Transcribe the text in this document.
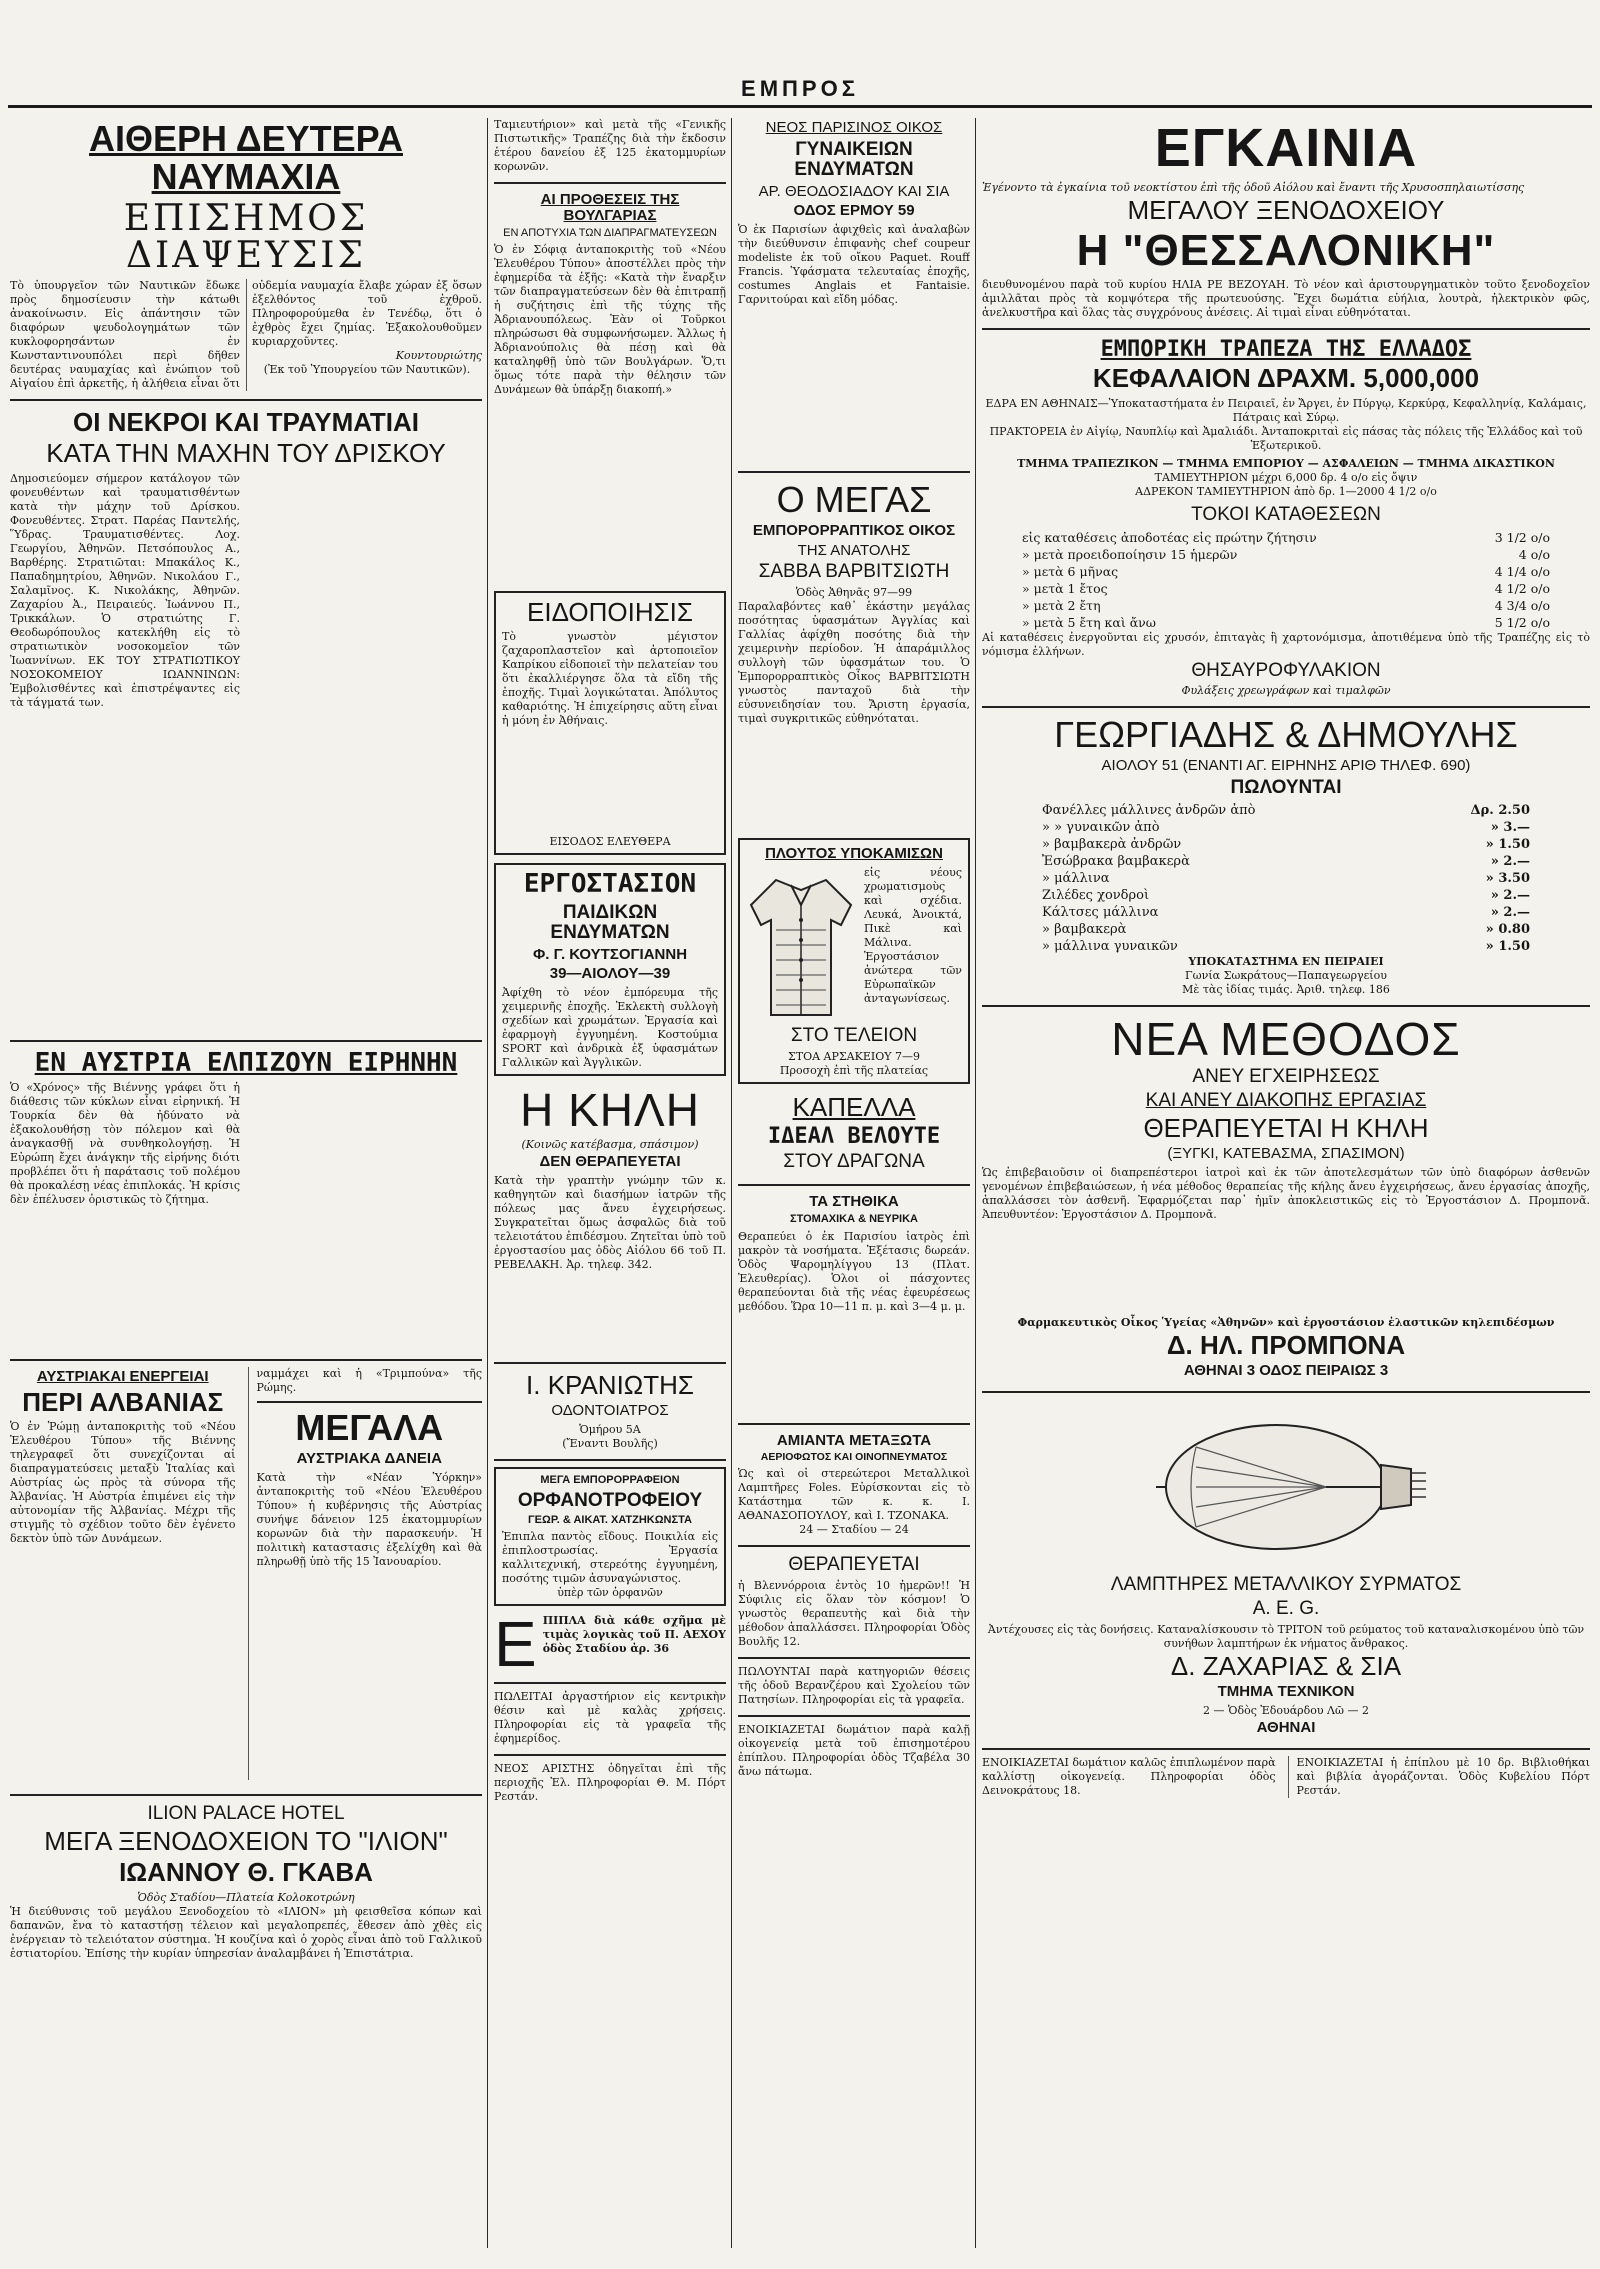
ΕΜΠΡΟΣ
ΑΙΘΕΡΗ ΔΕΥΤΕΡΑ ΝΑΥΜΑΧΙΑ
ΕΠΙΣΗΜΟΣ ΔΙΑΨΕΥΣΙΣ
Τὸ ὑπουργεῖον τῶν Ναυτικῶν ἔδωκε πρὸς δημοσίευσιν τὴν κάτωθι ἀνακοίνωσιν. Εἰς ἀπάντησιν τῶν διαφόρων ψευδολογημάτων τῶν κυκλοφορησάντων ἐν Κωνσταντινουπόλει περὶ δῆθεν δευτέρας ναυμαχίας καὶ ἐνώπιον τοῦ Αἰγαίου ἐπὶ ἀρκετῆς, ἡ ἀλήθεια εἶναι ὅτι οὐδεμία ναυμαχία ἔλαβε χώραν ἐξ ὅσων ἐξελθόντος τοῦ ἐχθροῦ. Πληροφορούμεθα ἐν Τενέδῳ, ὅτι ὁ ἐχθρὸς ἔχει ζημίας. Ἐξακολουθοῦμεν κυριαρχοῦντες.
Κουντουριώτης
(Ἐκ τοῦ Ὑπουργείου τῶν Ναυτικῶν).
ΟΙ ΝΕΚΡΟΙ ΚΑΙ ΤΡΑΥΜΑΤΙΑΙ
ΚΑΤΑ ΤΗΝ ΜΑΧΗΝ ΤΟΥ ΔΡΙΣΚΟΥ
Δημοσιεύομεν σήμερον κατάλογον τῶν φονευθέντων καὶ τραυματισθέντων κατὰ τὴν μάχην τοῦ Δρίσκου. Φονευθέντες. Στρατ. Παρέας Παντελής, Ὕδρας. Τραυματισθέντες. Λοχ. Γεωργίου, Ἀθηνῶν. Πετσόπουλος Α., Βαρθέρης. Στρατιῶται: Μπακάλος Κ., Παπαδημητρίου, Ἀθηνῶν. Νικολάου Γ., Σαλαμῖνος. Κ. Νικολάκης, Ἀθηνῶν. Ζαχαρίου Ἀ., Πειραιεύς. Ἰωάννου Π., Τρικκάλων. Ὁ στρατιώτης Γ. Θεοδωρόπουλος κατεκλήθη εἰς τὸ στρατιωτικὸν νοσοκομεῖον τῶν Ἰωαννίνων. ΕΚ ΤΟΥ ΣΤΡΑΤΙΩΤΙΚΟΥ ΝΟΣΟΚΟΜΕΙΟΥ ΙΩΑΝΝΙΝΩΝ: Ἐμβολισθέντες καὶ ἐπιστρέψαντες εἰς τὰ τάγματά των.
ΕΝ ΑΥΣΤΡΙΑ ΕΛΠΙΖΟΥΝ ΕΙΡΗΝΗΝ
Ὁ «Χρόνος» τῆς Βιέννης γράφει ὅτι ἡ διάθεσις τῶν κύκλων εἶναι εἰρηνική. Ἡ Τουρκία δὲν θὰ ἠδύνατο νὰ ἐξακολουθήσῃ τὸν πόλεμον καὶ θὰ ἀναγκασθῇ νὰ συνθηκολογήσῃ. Ἡ Εὐρώπη ἔχει ἀνάγκην τῆς εἰρήνης διότι προβλέπει ὅτι ἡ παράτασις τοῦ πολέμου θὰ προκαλέσῃ νέας ἐπιπλοκάς. Ἡ κρίσις δὲν ἐπέλυσεν ὁριστικῶς τὸ ζήτημα.
ΑΥΣΤΡΙΑΚΑΙ ΕΝΕΡΓΕΙΑΙ
ΠΕΡΙ ΑΛΒΑΝΙΑΣ
Ὁ ἐν Ῥώμῃ ἀνταποκριτὴς τοῦ «Νέου Ἐλευθέρου Τύπου» τῆς Βιέννης τηλεγραφεῖ ὅτι συνεχίζονται αἱ διαπραγματεύσεις μεταξὺ Ἰταλίας καὶ Αὐστρίας ὡς πρὸς τὰ σύνορα τῆς Ἀλβανίας. Ἡ Αὐστρία ἐπιμένει εἰς τὴν αὐτονομίαν τῆς Ἀλβανίας. Μέχρι τῆς στιγμῆς τὸ σχέδιον τοῦτο δὲν ἐγένετο δεκτὸν ὑπὸ τῶν Δυνάμεων.
ναμμάχει καὶ ἡ «Τριμπούνα» τῆς Ρώμης.
ΜΕΓΑΛΑ
ΑΥΣΤΡΙΑΚΑ ΔΑΝΕΙΑ
Κατὰ τὴν «Νέαν Ὑόρκην» ἀνταποκριτὴς τοῦ «Νέου Ἐλευθέρου Τύπου» ἡ κυβέρνησις τῆς Αὐστρίας συνήψε δάνειον 125 ἑκατομμυρίων κορωνῶν διὰ τὴν παρασκευήν. Ἡ πολιτικὴ καταστασις ἐξελίχθη καὶ θὰ πληρωθῇ ὑπὸ τῆς 15 Ἰανουαρίου.
ILION PALACE HOTEL
ΜΕΓΑ ΞΕΝΟΔΟΧΕΙΟΝ ΤΟ "ΙΛΙΟΝ"
ΙΩΑΝΝΟΥ Θ. ΓΚΑΒΑ
Ὁδὸς Σταδίου—Πλατεία Κολοκοτρώνη
Ἡ διεύθυνσις τοῦ μεγάλου Ξενοδοχείου τὸ «ΙΛΙΟΝ» μὴ φεισθεῖσα κόπων καὶ δαπανῶν, ἔνα τὸ καταστήσῃ τέλειον καὶ μεγαλοπρεπές, ἔθεσεν ἀπὸ χθὲς εἰς ἐνέργειαν τὸ τελειότατον σύστημα. Ἡ κουζίνα καὶ ὁ χορὸς εἶναι ἀπὸ τοῦ Γαλλικοῦ ἐστιατορίου. Ἐπίσης τὴν κυρίαν ὑπηρεσίαν ἀναλαμβάνει ἡ Ἐπιστάτρια.
Ταμιευτήριον» καὶ μετὰ τῆς «Γενικῆς Πιστωτικῆς» Τραπέζης διὰ τὴν ἔκδοσιν ἑτέρου δανείου ἐξ 125 ἑκατομμυρίων κορωνῶν.
ΑΙ ΠΡΟΘΕΣΕΙΣ ΤΗΣ ΒΟΥΛΓΑΡΙΑΣ
ΕΝ ΑΠΟΤΥΧΙΑ ΤΩΝ ΔΙΑΠΡΑΓΜΑΤΕΥΣΕΩΝ
Ὁ ἐν Σόφιᾳ ἀνταποκριτὴς τοῦ «Νέου Ἐλευθέρου Τύπου» ἀποστέλλει πρὸς τὴν ἐφημερίδα τὰ ἑξῆς: «Κατὰ τὴν ἔναρξιν τῶν διαπραγματεύσεων δὲν θὰ ἐπιτραπῇ ἡ συζήτησις ἐπὶ τῆς τύχης τῆς Ἀδριανουπόλεως. Ἐὰν οἱ Τοῦρκοι πληρώσωσι θὰ συμφωνήσωμεν. Ἄλλως ἡ Ἀδριανούπολις θὰ πέσῃ καὶ θὰ καταληφθῇ ὑπὸ τῶν Βουλγάρων. Ὅ,τι ὅμως τότε παρὰ τὴν θέλησιν τῶν Δυνάμεων θὰ ὑπάρξῃ διακοπή.»
ΕΙΔΟΠΟΙΗΣΙΣ
Τὸ γνωστὸν μέγιστον ζαχαροπλαστεῖον καὶ ἀρτοποιεῖον Καπρίκου εἰδοποιεῖ τὴν πελατείαν του ὅτι ἐκαλλιέργησε ὅλα τὰ εἴδη τῆς ἐποχῆς. Τιμαὶ λογικώταται. Ἀπόλυτος καθαριότης. Ἡ ἐπιχείρησις αὕτη εἶναι ἡ μόνη ἐν Ἀθήναις.
ΕΙΣΟΔΟΣ ΕΛΕΥΘΕΡΑ
ΕΡΓΟΣΤΑΣΙΟΝ
ΠΑΙΔΙΚΩΝ ΕΝΔΥΜΑΤΩΝ
Φ. Γ. ΚΟΥΤΣΟΓΙΑΝΝΗ
39—ΑΙΟΛΟΥ—39
Ἀφίχθη τὸ νέον ἐμπόρευμα τῆς χειμερινῆς ἐποχῆς. Ἐκλεκτὴ συλλογὴ σχεδίων καὶ χρωμάτων. Ἐργασία καὶ ἐφαρμογὴ ἐγγυημένη. Κοστούμια SPORT καὶ ἀνδρικὰ ἐξ ὑφασμάτων Γαλλικῶν καὶ Ἀγγλικῶν.
Η ΚΗΛΗ
(Κοινῶς κατέβασμα, σπάσιμον)
ΔΕΝ ΘΕΡΑΠΕΥΕΤΑΙ
Κατὰ τὴν γραπτὴν γνώμην τῶν κ. καθηγητῶν καὶ διασήμων ἰατρῶν τῆς πόλεως μας ἄνευ ἐγχειρήσεως. Συγκρατεῖται ὅμως ἀσφαλῶς διὰ τοῦ τελειοτάτου ἐπιδέσμου. Ζητεῖται ὑπὸ τοῦ ἐργοστασίου μας ὁδὸς Αἰόλου 66 τοῦ Π. ΡΕΒΕΛΑΚΗ. Ἀρ. τηλεφ. 342.
Ι. ΚΡΑΝΙΩΤΗΣ
ΟΔΟΝΤΟΙΑΤΡΟΣ
Ὁμήρου 5Α
(Ἔναντι Βουλῆς)
ΜΕΓΑ ΕΜΠΟΡΟΡΡΑΦΕΙΟΝ
ΟΡΦΑΝΟΤΡΟΦΕΙΟΥ
ΓΕΩΡ. & ΑΙΚΑΤ. ΧΑΤΖΗΚΩΝΣΤΑ
Ἐπιπλα παντὸς εἴδους. Ποικιλία εἰς ἐπιπλοστρωσίας. Ἐργασία καλλιτεχνική, στερεότης ἐγγυημένη, ποσότης τιμῶν ἀσυναγώνιστος.
ὑπὲρ τῶν ὀρφανῶν
Ε ΠΙΠΛΑ διὰ κάθε σχῆμα μὲ τιμὰς λογικὰς τοῦ Π. ΑΕΧΟΥ ὁδὸς Σταδίου ἀρ. 36
ΠΩΛΕΙΤΑΙ ἀργαστήριον εἰς κεντρικὴν θέσιν καὶ μὲ καλὰς χρήσεις. Πληροφορίαι εἰς τὰ γραφεῖα τῆς ἐφημερίδος.
ΝΕΟΣ ΑΡΙΣΤΗΣ ὁδηγεῖται ἐπὶ τῆς περιοχῆς Ἐλ. Πληροφορίαι Θ. Μ. Πόρτ Ρεστάν.
ΝΕΟΣ ΠΑΡΙΣΙΝΟΣ ΟΙΚΟΣ
ΓΥΝΑΙΚΕΙΩΝ ΕΝΔΥΜΑΤΩΝ
ΑΡ. ΘΕΟΔΟΣΙΑΔΟΥ ΚΑΙ ΣΙΑ
ΟΔΟΣ ΕΡΜΟΥ 59
Ὁ ἐκ Παρισίων ἀφιχθεὶς καὶ ἀναλαβὼν τὴν διεύθυνσιν ἐπιφανὴς chef coupeur modeliste ἐκ τοῦ οἴκου Paquet. Rouff Francis. Ὑφάσματα τελευταίας ἐποχῆς, costumes Anglais et Fantaisie. Γαρνιτούραι καὶ εἴδη μόδας.
Ο ΜΕΓΑΣ
ΕΜΠΟΡΟΡΡΑΠΤΙΚΟΣ ΟΙΚΟΣ
ΤΗΣ ΑΝΑΤΟΛΗΣ
ΣΑΒΒΑ ΒΑΡΒΙΤΣΙΩΤΗ
Ὁδὸς Ἀθηνᾶς 97—99
Παραλαβόντες καθ᾽ ἑκάστην μεγάλας ποσότητας ὑφασμάτων Ἀγγλίας καὶ Γαλλίας ἀφίχθη ποσότης διὰ τὴν χειμερινὴν περίοδον. Ἡ ἀπαράμιλλος συλλογὴ τῶν ὑφασμάτων του. Ὁ Ἐμπορορραπτικὸς Οἶκος ΒΑΡΒΙΤΣΙΩΤΗ γνωστὸς πανταχοῦ διὰ τὴν εὐσυνειδησίαν του. Ἄριστη ἐργασία, τιμαὶ συγκριτικῶς εὐθηνόταται.
ΠΛΟΥΤΟΣ ΥΠΟΚΑΜΙΣΩΝ
εἰς νέους χρωματισμοὺς καὶ σχέδια. Λευκά, Ἀνοικτά, Πικὲ καὶ Μάλινα. Ἐργοστάσιον ἀνώτερα τῶν Εὐρωπαϊκῶν ἀνταγωνίσεως.
ΣΤΟ ΤΕΛΕΙΟΝ
ΣΤΟΑ ΑΡΣΑΚΕΙΟΥ 7—9
Προσοχὴ ἐπὶ τῆς πλατείας
ΚΑΠΕΛΛΑ
ΙΔΕΑΛ ΒΕΛΟΥΤΕ
ΣΤΟΥ ΔΡΑΓΩΝΑ
ΤΑ ΣΤΗΘΙΚΑ
ΣΤΟΜΑΧΙΚΑ & ΝΕΥΡΙΚΑ
Θεραπεύει ὁ ἐκ Παρισίου ἰατρὸς ἐπὶ μακρὸν τὰ νοσήματα. Ἐξέτασις δωρεάν. Ὁδὸς Ψαρομηλίγγου 13 (Πλατ. Ἐλευθερίας). Ὁλοι οἱ πάσχοντες θεραπεύονται διὰ τῆς νέας ἐφευρέσεως μεθόδου. Ὥρα 10—11 π. μ. καὶ 3—4 μ. μ.
ΑΜΙΑΝΤΑ ΜΕΤΑΞΩΤΑ
ΑΕΡΙΟΦΩΤΟΣ ΚΑΙ ΟΙΝΟΠΝΕΥΜΑΤΟΣ
Ὡς καὶ οἱ στερεώτεροι Μεταλλικοὶ Λαμπτῆρες Foles. Εὐρίσκονται εἰς τὸ Κατάστημα τῶν κ. κ. Ι. ΑΘΑΝΑΣΟΠΟΥΛΟΥ, καὶ Ι. ΤΖΟΝΑΚΑ.
24 — Σταδίου — 24
ΘΕΡΑΠΕΥΕΤΑΙ
ἡ Βλεννόρροια ἐντὸς 10 ἡμερῶν!! Ἡ Σύφιλις εἰς ὅλαν τὸν κόσμον! Ὁ γνωστὸς θεραπευτὴς καὶ διὰ τὴν μέθοδον ἀπαλλάσσει. Πληροφορίαι Ὁδὸς Βουλῆς 12.
ΠΩΛΟΥΝΤΑΙ παρὰ κατηγοριῶν θέσεις τῆς ὁδοῦ Βερανζέρου καὶ Σχολείου τῶν Πατησίων. Πληροφορίαι εἰς τὰ γραφεῖα.
ΕΝΟΙΚΙΑΖΕΤΑΙ δωμάτιον παρὰ καλῇ οἰκογενείᾳ μετὰ τοῦ ἐπισημοτέρου ἐπίπλου. Πληροφορίαι ὁδὸς Τζαβέλα 30 ἄνω πάτωμα.
ΕΓΚΑΙΝΙΑ
Ἐγένοντο τὰ ἐγκαίνια τοῦ νεοκτίστου ἐπὶ τῆς ὁδοῦ Αἰόλου καὶ ἔναντι τῆς Χρυσοσπηλαιωτίσσης
ΜΕΓΑΛΟΥ ΞΕΝΟΔΟΧΕΙΟΥ
Η "ΘΕΣΣΑΛΟΝΙΚΗ"
διευθυνομένου παρὰ τοῦ κυρίου ΗΛΙΑ ΡΕ ΒΕΖΟΥΑΗ. Τὸ νέον καὶ ἀριστουργηματικὸν τοῦτο ξενοδοχεῖον ἀμιλλᾶται πρὸς τὰ κομψότερα τῆς πρωτευούσης. Ἔχει δωμάτια εὐήλια, λουτρὰ, ἠλεκτρικὸν φῶς, ἀνελκυστῆρα καὶ ὅλας τὰς συγχρόνους ἀνέσεις. Αἱ τιμαὶ εἶναι εὐθηνόταται.
ΕΜΠΟΡΙΚΗ ΤΡΑΠΕΖΑ ΤΗΣ ΕΛΛΑΔΟΣ
ΚΕΦΑΛΑΙΟΝ ΔΡΑΧΜ. 5,000,000
ΕΔΡΑ ΕΝ ΑΘΗΝΑΙΣ—Ὑποκαταστήματα ἐν Πειραιεῖ, ἐν Ἄργει, ἐν Πύργῳ, Κερκύρᾳ, Κεφαλληνίᾳ, Καλάμαις, Πάτραις καὶ Σύρῳ.
ΠΡΑΚΤΟΡΕΙΑ ἐν Αἰγίῳ, Ναυπλίῳ καὶ Ἀμαλιάδι. Ἀνταποκριταὶ εἰς πάσας τὰς πόλεις τῆς Ἑλλάδος καὶ τοῦ Ἐξωτερικοῦ.
ΤΜΗΜΑ ΤΡΑΠΕΖΙΚΟΝ — ΤΜΗΜΑ ΕΜΠΟΡΙΟΥ — ΑΣΦΑΛΕΙΩΝ — ΤΜΗΜΑ ΔΙΚΑΣΤΙΚΟΝ
ΤΑΜΙΕΥΤΗΡΙΟΝ μέχρι 6,000 δρ. 4 ο/ο εἰς ὄψιν
ΑΔΡΕΚΟΝ ΤΑΜΙΕΥΤΗΡΙΟΝ ἀπὸ δρ. 1—2000 4 1/2 ο/ο
ΤΟΚΟΙ ΚΑΤΑΘΕΣΕΩΝ
εἰς καταθέσεις ἀποδοτέας εἰς πρώτην ζήτησιν	3 1/2 ο/ο
» μετὰ προειδοποίησιν 15 ἡμερῶν	4 ο/ο
» μετὰ 6 μῆνας	4 1/4 ο/ο
» μετὰ 1 ἔτος	4 1/2 ο/ο
» μετὰ 2 ἔτη	4 3/4 ο/ο
» μετὰ 5 ἔτη καὶ ἄνω	5 1/2 ο/ο
Αἱ καταθέσεις ἐνεργοῦνται εἰς χρυσόν, ἐπιταγὰς ἢ χαρτονόμισμα, ἀποτιθέμενα ὑπὸ τῆς Τραπέζης εἰς τὸ νόμισμα ἐλλήνων.
ΘΗΣΑΥΡΟΦΥΛΑΚΙΟΝ
Φυλάξεις χρεωγράφων καὶ τιμαλφῶν
ΓΕΩΡΓΙΑΔΗΣ & ΔΗΜΟΥΛΗΣ
ΑΙΟΛΟΥ 51 (ΕΝΑΝΤΙ ΑΓ. ΕΙΡΗΝΗΣ ΑΡΙΘ ΤΗΛΕΦ. 690)
ΠΩΛΟΥΝΤΑΙ
Φανέλλες μάλλινες ἀνδρῶν ἀπὸ	Δρ. 2.50
» » γυναικῶν ἀπὸ	» 3.—
» βαμβακερὰ ἀνδρῶν	» 1.50
Ἐσώβρακα βαμβακερὰ	» 2.—
» μάλλινα	» 3.50
Ζιλέδες χονδροὶ	» 2.—
Κάλτσες μάλλινα	» 2.—
» βαμβακερὰ	» 0.80
» μάλλινα γυναικῶν	» 1.50
ΥΠΟΚΑΤΑΣΤΗΜΑ ΕΝ ΠΕΙΡΑΙΕΙ
Γωνία Σωκράτους—Παπαγεωργείου
Μὲ τὰς ἰδίας τιμάς. Ἀριθ. τηλεφ. 186
ΝΕΑ ΜΕΘΟΔΟΣ
ΑΝΕΥ ΕΓΧΕΙΡΗΣΕΩΣ
ΚΑΙ ΑΝΕΥ ΔΙΑΚΟΠΗΣ ΕΡΓΑΣΙΑΣ
ΘΕΡΑΠΕΥΕΤΑΙ Η ΚΗΛΗ
(ΞΥΓΚΙ, ΚΑΤΕΒΑΣΜΑ, ΣΠΑΣΙΜΟΝ)
Ὡς ἐπιβεβαιοῦσιν οἱ διαπρεπέστεροι ἰατροὶ καὶ ἐκ τῶν ἀποτελεσμάτων τῶν ὑπὸ διαφόρων ἀσθενῶν γενομένων ἐπιβεβαιώσεων, ἡ νέα μέθοδος θεραπείας τῆς κήλης ἄνευ ἐγχειρήσεως, ἄνευ ἐργασίας ἀποχῆς, ἀπαλλάσσει τὸν ἀσθενῆ. Ἐφαρμόζεται παρ᾽ ἡμῖν ἀποκλειστικῶς εἰς τὸ Ἐργοστάσιον Δ. Προμπονᾶ. Ἀπευθυντέον: Ἐργοστάσιον Δ. Προμπονᾶ.
Φαρμακευτικὸς Οἶκος Ὑγείας «Ἀθηνῶν» καὶ ἐργοστάσιον ἐλαστικῶν κηλεπιδέσμων
Δ. ΗΛ. ΠΡΟΜΠΟΝΑ
ΑΘΗΝΑΙ 3 ΟΔΟΣ ΠΕΙΡΑΙΩΣ 3
ΛΑΜΠΤΗΡΕΣ ΜΕΤΑΛΛΙΚΟΥ ΣΥΡΜΑΤΟΣ
A. E. G.
Ἀντέχουσες εἰς τὰς δονήσεις. Καταναλίσκουσιν τὸ ΤΡΙΤΟΝ τοῦ ρεύματος τοῦ καταναλισκομένου ὑπὸ τῶν συνήθων λαμπτήρων ἐκ νήματος ἄνθρακος.
Δ. ΖΑΧΑΡΙΑΣ & ΣΙΑ
ΤΜΗΜΑ ΤΕΧΝΙΚΟΝ
2 — Ὁδὸς Ἐδουάρδου Λῶ — 2
ΑΘΗΝΑΙ
ΕΝΟΙΚΙΑΖΕΤΑΙ δωμάτιον καλῶς ἐπιπλωμένον παρὰ καλλίστῃ οἰκογενείᾳ. Πληροφορίαι ὁδὸς Δεινοκράτους 18.
ΕΝΟΙΚΙΑΖΕΤΑΙ ἡ ἐπίπλου μὲ 10 δρ. Βιβλιοθήκαι καὶ βιβλία ἀγοράζονται. Ὁδὸς Κυβελίου Πόρτ Ρεστάν.
